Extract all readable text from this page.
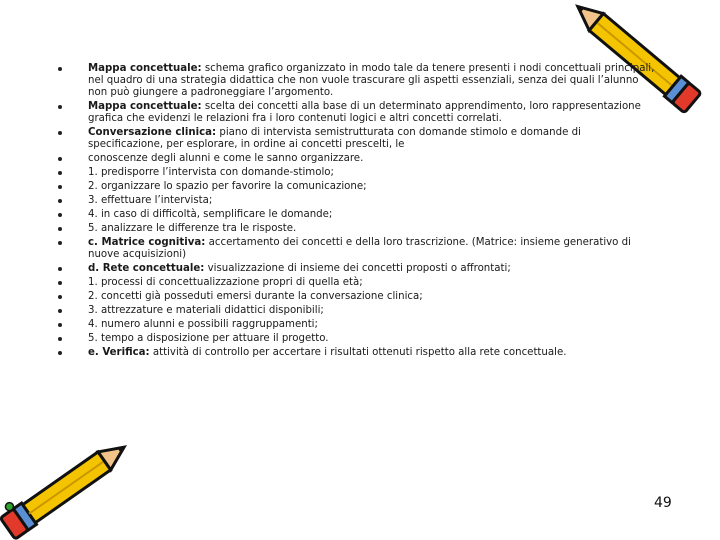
Mappa concettuale: schema grafico organizzato in modo tale da tenere presenti i nodi concettuali principali, nel quadro di una strategia didattica che non vuole trascurare gli aspetti essenziali, senza dei quali l’alunno non può giungere a padroneggiare l’argomento.
Mappa concettuale: scelta dei concetti alla base di un determinato apprendimento, loro rappresentazione grafica che evidenzi le relazioni fra i loro contenuti logici e altri concetti correlati.
Conversazione clinica: piano di intervista semistrutturata con domande stimolo e domande di specificazione, per esplorare, in ordine ai concetti prescelti, le
conoscenze degli alunni e come le sanno organizzare.
1. predisporre l’intervista con domande-stimolo;
2. organizzare lo spazio per favorire la comunicazione;
3. effettuare l’intervista;
4. in caso di difficoltà, semplificare le domande;
5. analizzare le differenze tra le risposte.
c. Matrice cognitiva: accertamento dei concetti e della loro trascrizione. (Matrice: insieme generativo di nuove acquisizioni)
d. Rete concettuale: visualizzazione di insieme dei concetti proposti o affrontati;
1. processi di concettualizzazione propri di quella età;
2. concetti già posseduti emersi durante la conversazione clinica;
3. attrezzature e materiali didattici disponibili;
4. numero alunni e possibili raggruppamenti;
5. tempo a disposizione per attuare il progetto.
e. Verifica: attività di controllo per accertare i risultati ottenuti rispetto alla rete concettuale.
49
